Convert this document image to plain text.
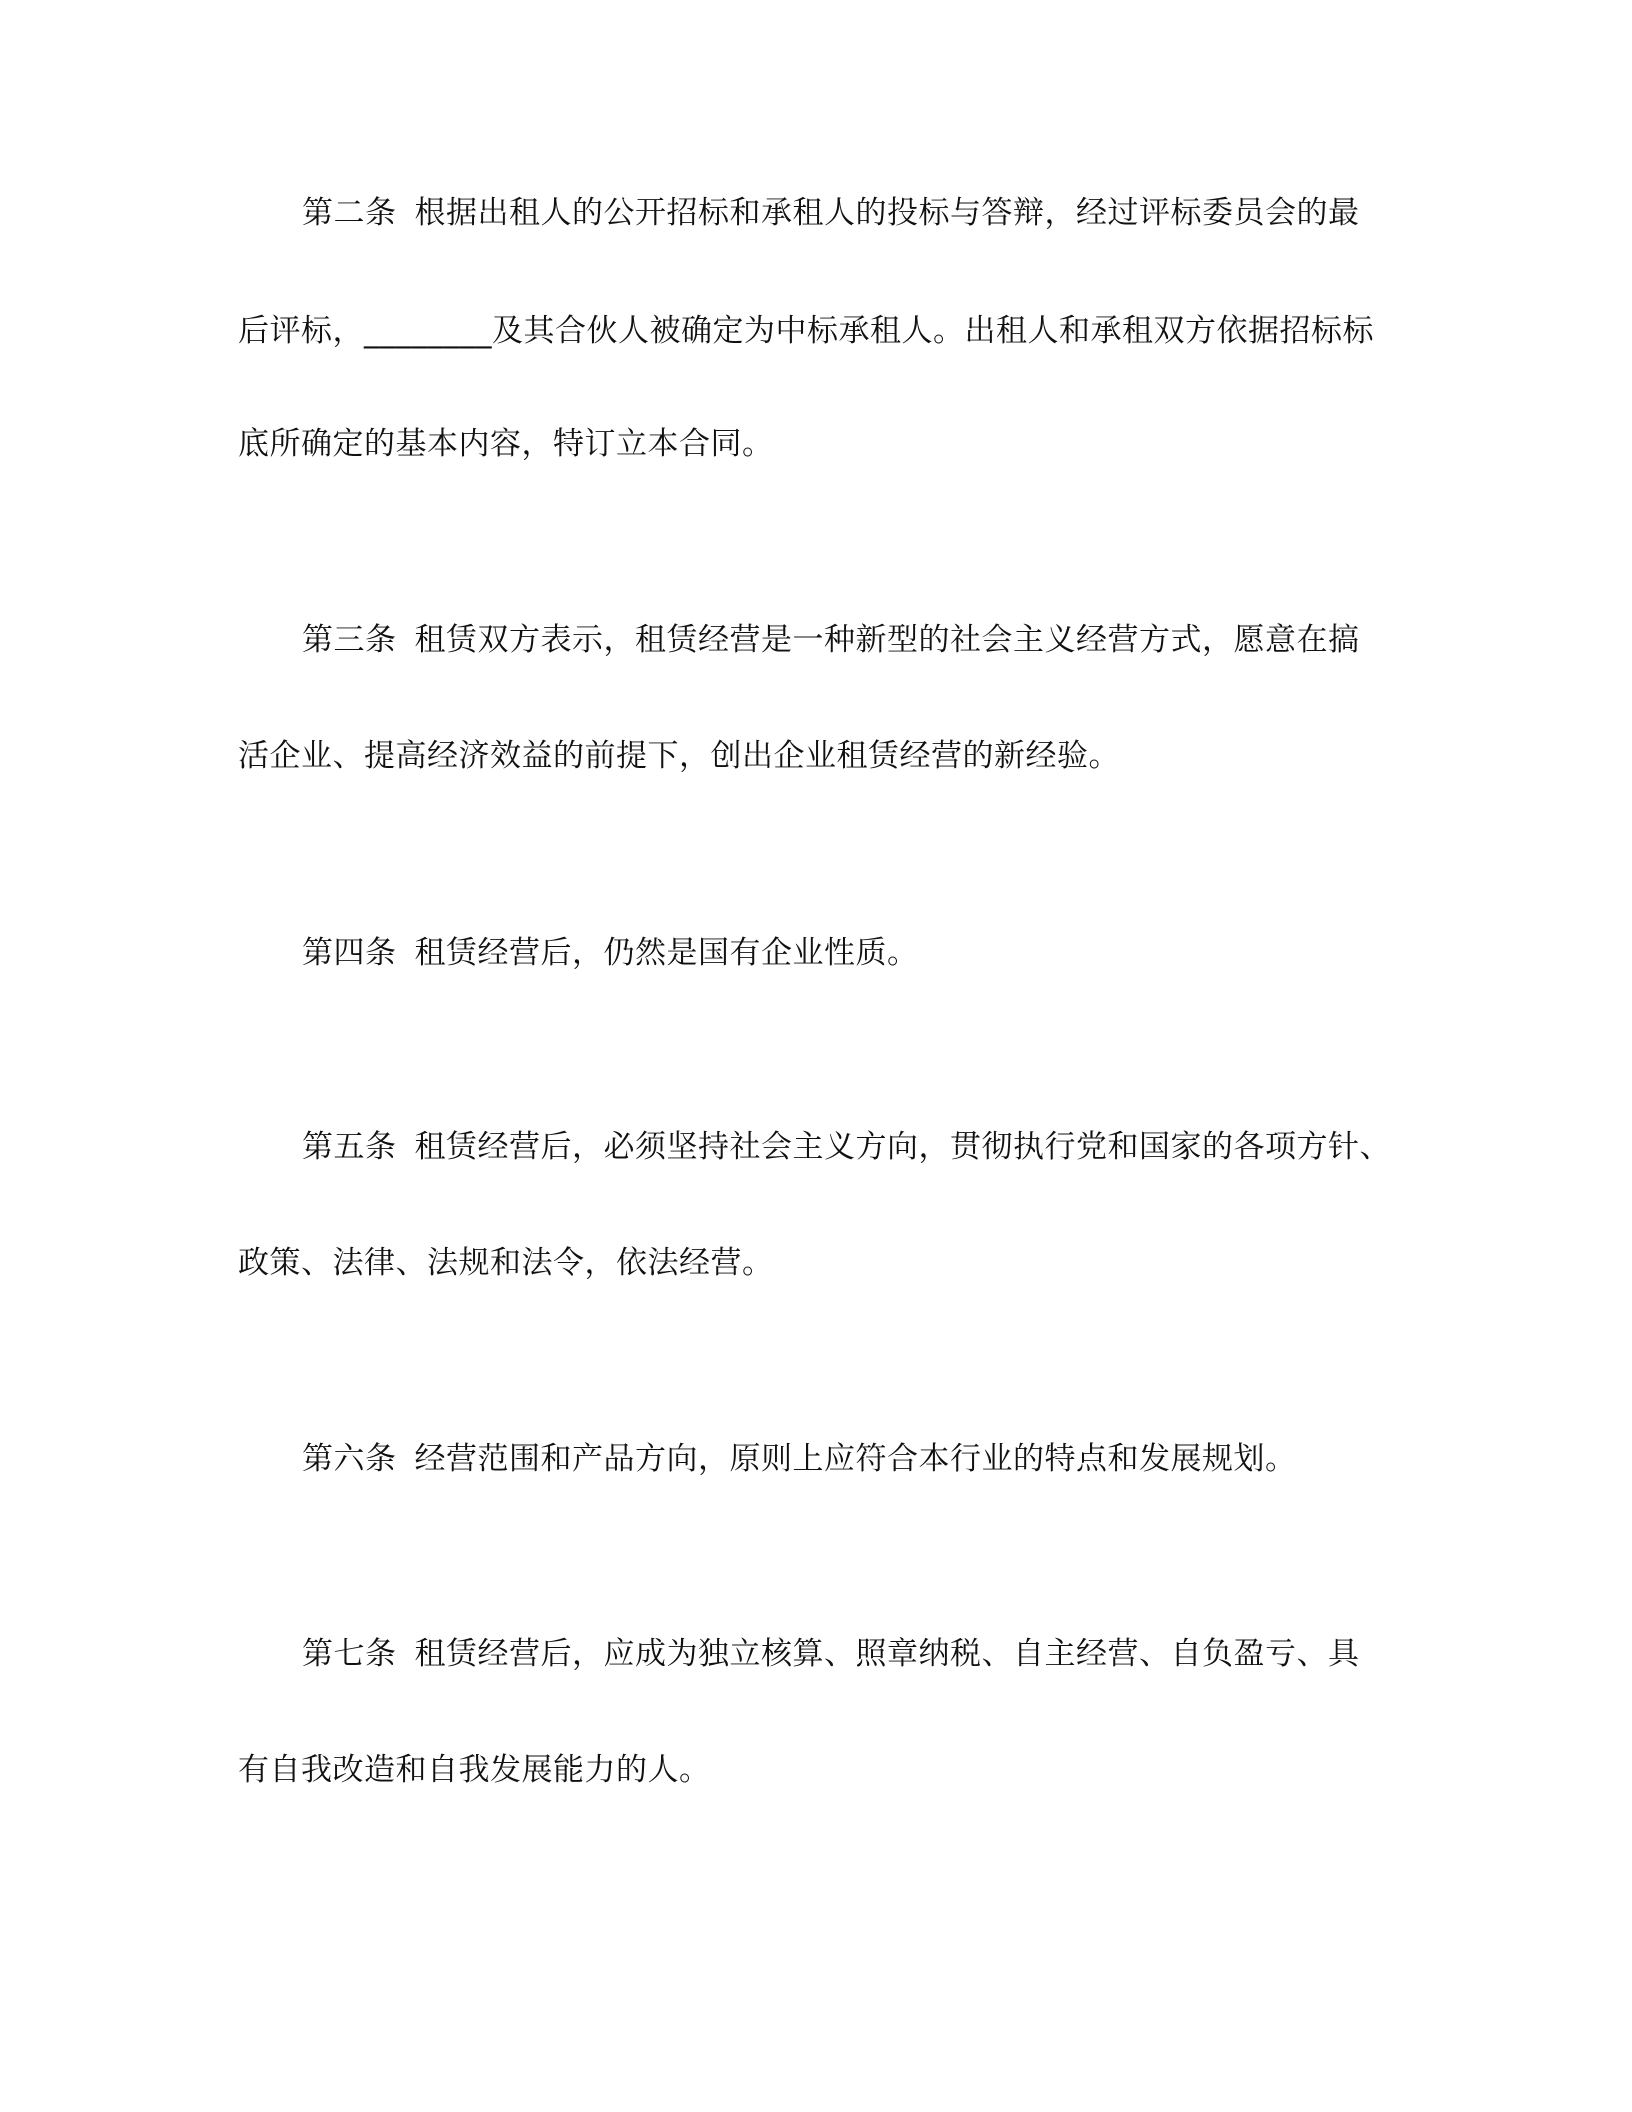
第二条 根据出租人的公开招标和承租人的投标与答辩，经过评标委员会的最
后评标，________及其合伙人被确定为中标承租人。出租人和承租双方依据招标标
底所确定的基本内容，特订立本合同。
第三条 租赁双方表示，租赁经营是一种新型的社会主义经营方式，愿意在搞
活企业、提高经济效益的前提下，创出企业租赁经营的新经验。
第四条 租赁经营后，仍然是国有企业性质。
第五条 租赁经营后，必须坚持社会主义方向，贯彻执行党和国家的各项方针、
政策、法律、法规和法令，依法经营。
第六条 经营范围和产品方向，原则上应符合本行业的特点和发展规划。
第七条 租赁经营后，应成为独立核算、照章纳税、自主经营、自负盈亏、具
有自我改造和自我发展能力的人。
